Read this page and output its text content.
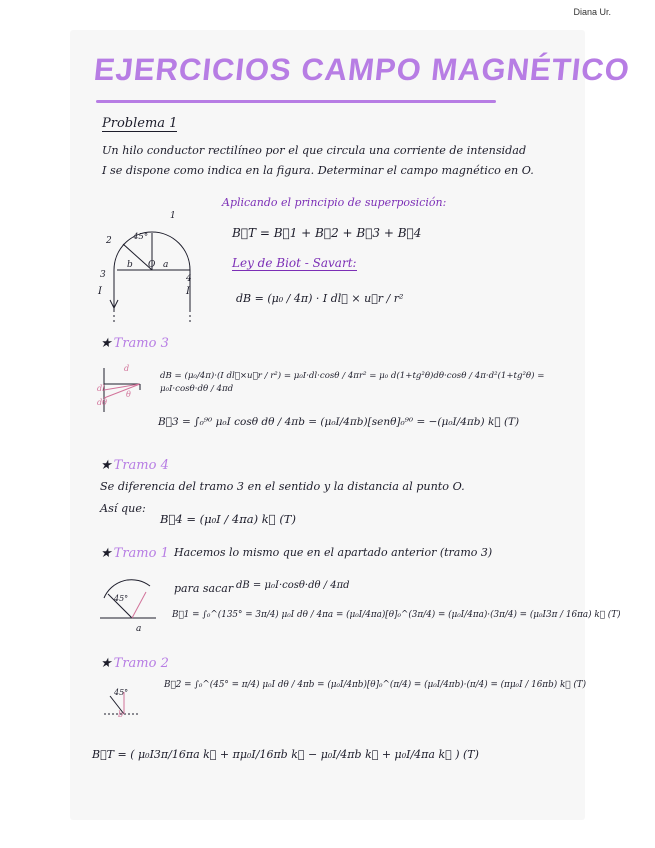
Diana Ur.
EJERCICIOS CAMPO MAGNÉTICO
Problema 1
Un hilo conductor rectilíneo por el que circula una corriente de intensidad
I se dispone como indica en la figura. Determinar el campo magnético en O.
1
2
3	4
45°
b O a
I	I
Aplicando el principio de superposición:
B⃗T = B⃗1 + B⃗2 + B⃗3 + B⃗4
Ley de Biot - Savart:
dB = (μ₀ / 4π) · I dl⃗ × u⃗r / r²
★ Tramo 3
d
θ
dl
dθ
dB = (μ₀/4π)·(I dl⃗×u⃗r / r²) = μ₀I·dl·cosθ / 4πr² = μ₀ d(1+tg²θ)dθ·cosθ / 4π·d²(1+tg²θ) = μ₀I·cosθ·dθ / 4πd
B⃗3 = ∫₀⁹⁰ μ₀I cosθ dθ / 4πb = (μ₀I/4πb)[senθ]₀⁹⁰ = −(μ₀I/4πb) k⃗ (T)
★ Tramo 4
Se diferencia del tramo 3 en el sentido y la distancia al punto O.
Así que:
B⃗4 = (μ₀I / 4πa) k⃗ (T)
★ Tramo 1 Hacemos lo mismo que en el apartado anterior (tramo 3)
para sacar dB = μ₀I·cosθ·dθ / 4πd
45°
a
B⃗1 = ∫₀^(135° = 3π/4) μ₀I dθ / 4πa = (μ₀I/4πa)[θ]₀^(3π/4) = (μ₀I/4πa)·(3π/4) = (μ₀I3π / 16πa) k⃗ (T)
★ Tramo 2
45°
b
B⃗2 = ∫₀^(45° = π/4) μ₀I dθ / 4πb = (μ₀I/4πb)[θ]₀^(π/4) = (μ₀I/4πb)·(π/4) = (πμ₀I / 16πb) k⃗ (T)
B⃗T = ( μ₀I3π/16πa k⃗ + πμ₀I/16πb k⃗ − μ₀I/4πb k⃗ + μ₀I/4πa k⃗ ) (T)
